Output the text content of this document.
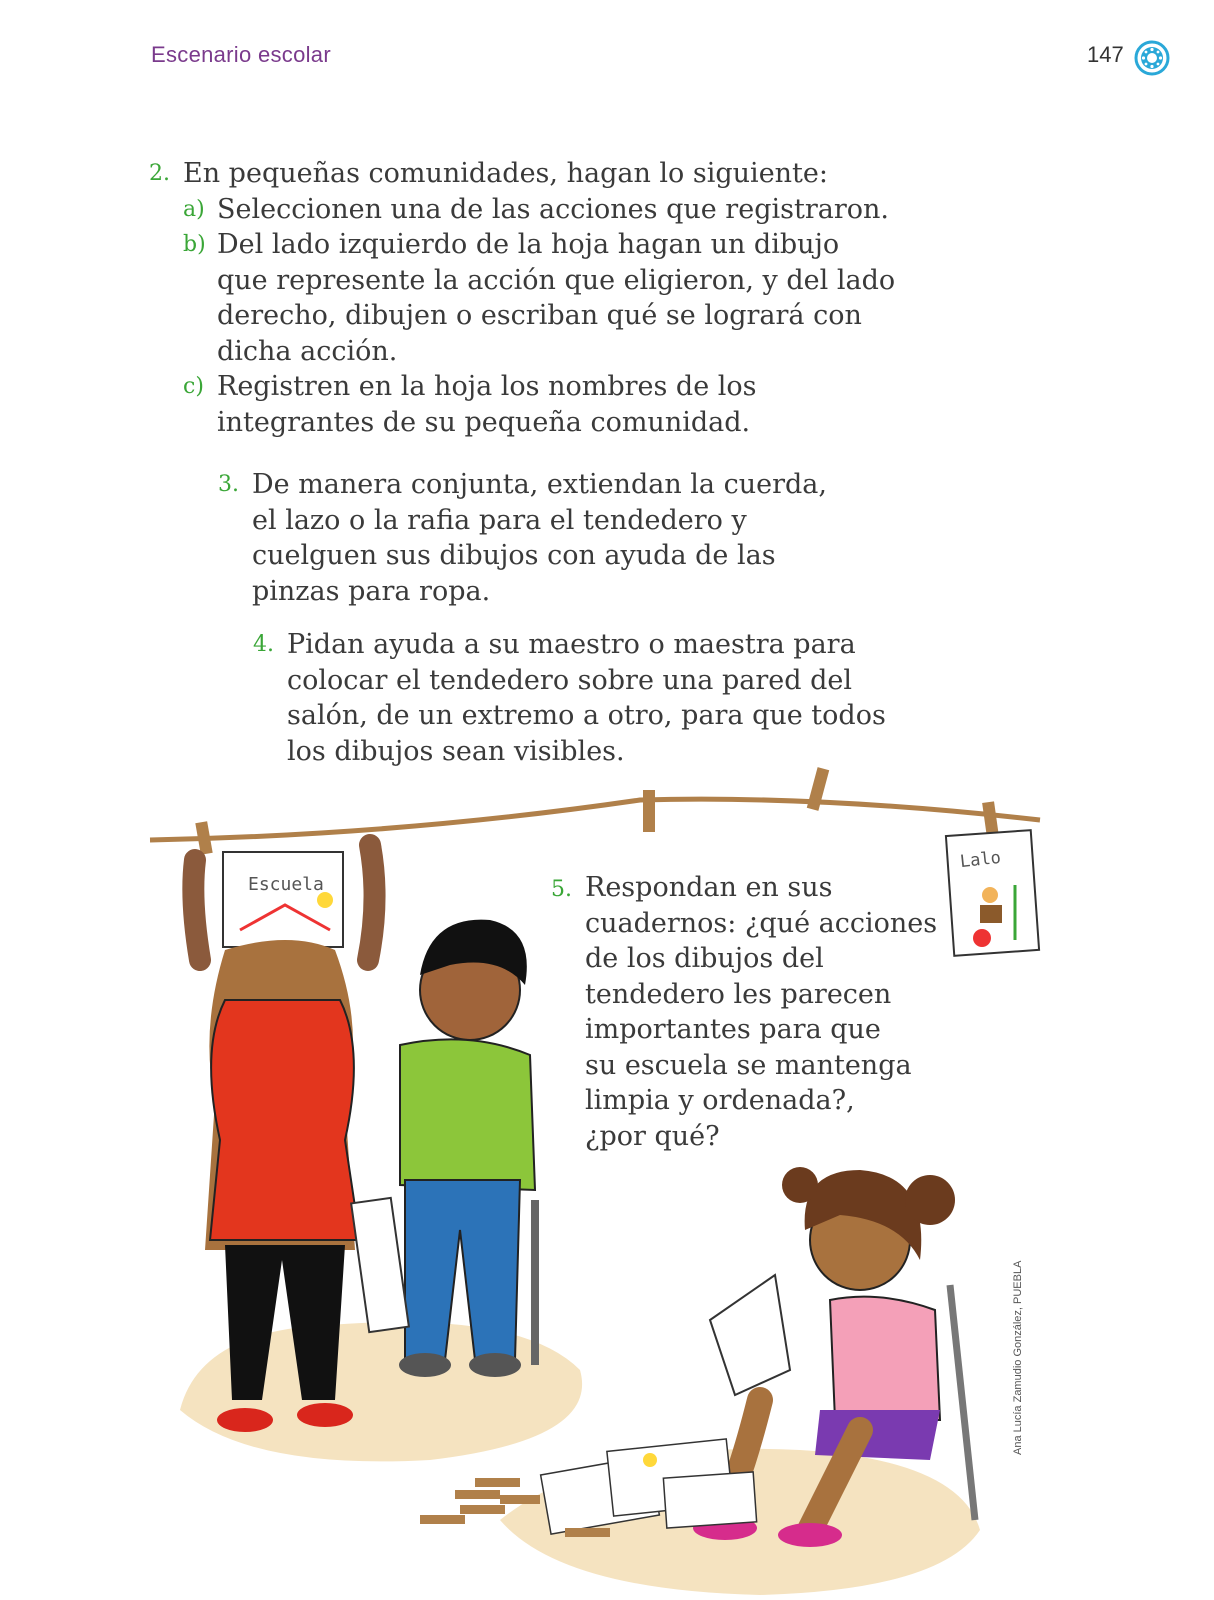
Escenario escolar	147
2. En pequeñas comunidades, hagan lo siguiente:
a) Seleccionen una de las acciones que registraron.
b) Del lado izquierdo de la hoja hagan un dibujo
que represente la acción que eligieron, y del lado
derecho, dibujen o escriban qué se logrará con
dicha acción.
c) Registren en la hoja los nombres de los
integrantes de su pequeña comunidad.
3. De manera conjunta, extiendan la cuerda,
el lazo o la rafia para el tendedero y
cuelguen sus dibujos con ayuda de las
pinzas para ropa.
4. Pidan ayuda a su maestro o maestra para
colocar el tendedero sobre una pared del
salón, de un extremo a otro, para que todos
los dibujos sean visibles.
Escuela
Lalo
5. Respondan en sus
cuadernos: ¿qué acciones
de los dibujos del
tendedero les parecen
importantes para que
su escuela se mantenga
limpia y ordenada?,
¿por qué?
Ana Lucía Zamudio González, PUEBLA
